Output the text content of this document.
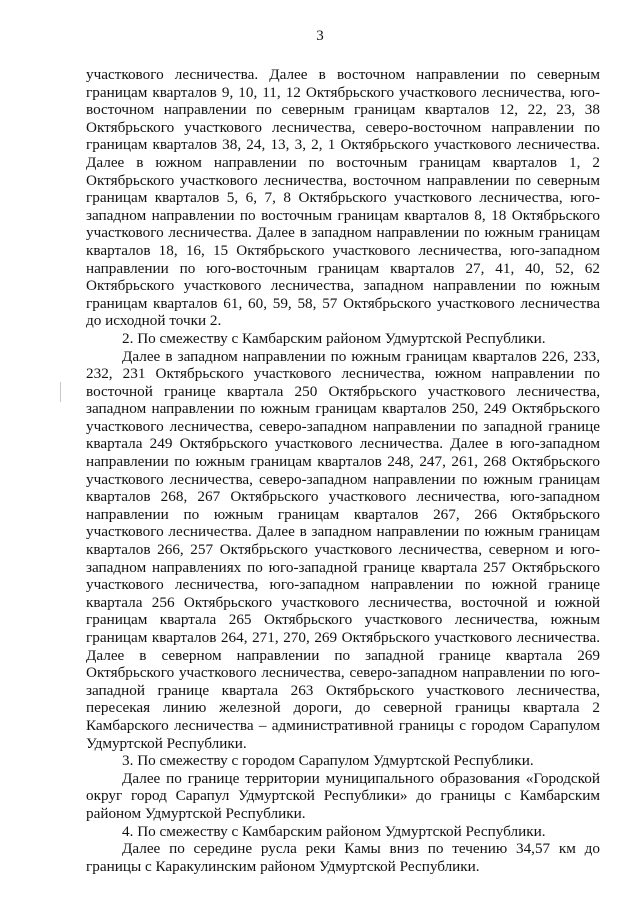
3

участкового лесничества. Далее в восточном направлении по северным границам кварталов 9, 10, 11, 12 Октябрьского участкового лесничества, юго-восточном направлении по северным границам кварталов 12, 22, 23, 38 Октябрьского участкового лесничества, северо-восточном направлении по границам кварталов 38, 24, 13, 3, 2, 1 Октябрьского участкового лесничества. Далее в южном направлении по восточным границам кварталов 1, 2 Октябрьского участкового лесничества, восточном направлении по северным границам кварталов 5, 6, 7, 8 Октябрьского участкового лесничества, юго-западном направлении по восточным границам кварталов 8, 18 Октябрьского участкового лесничества. Далее в западном направлении по южным границам кварталов 18, 16, 15 Октябрьского участкового лесничества, юго-западном направлении по юго-восточным границам кварталов 27, 41, 40, 52, 62 Октябрьского участкового лесничества, западном направлении по южным границам кварталов 61, 60, 59, 58, 57 Октябрьского участкового лесничества до исходной точки 2.

2. По смежеству с Камбарским районом Удмуртской Республики.

Далее в западном направлении по южным границам кварталов 226, 233, 232, 231 Октябрьского участкового лесничества, южном направлении по восточной границе квартала 250 Октябрьского участкового лесничества, западном направлении по южным границам кварталов 250, 249 Октябрьского участкового лесничества, северо-западном направлении по западной границе квартала 249 Октябрьского участкового лесничества. Далее в юго-западном направлении по южным границам кварталов 248, 247, 261, 268 Октябрьского участкового лесничества, северо-западном направлении по южным границам кварталов 268, 267 Октябрьского участкового лесничества, юго-западном направлении по южным границам кварталов 267, 266 Октябрьского участкового лесничества. Далее в западном направлении по южным границам кварталов 266, 257 Октябрьского участкового лесничества, северном и юго-западном направлениях по юго-западной границе квартала 257 Октябрьского участкового лесничества, юго-западном направлении по южной границе квартала 256 Октябрьского участкового лесничества, восточной и южной границам квартала 265 Октябрьского участкового лесничества, южным границам кварталов 264, 271, 270, 269 Октябрьского участкового лесничества. Далее в северном направлении по западной границе квартала 269 Октябрьского участкового лесничества, северо-западном направлении по юго-западной границе квартала 263 Октябрьского участкового лесничества, пересекая линию железной дороги, до северной границы квартала 2 Камбарского лесничества – административной границы с городом Сарапулом Удмуртской Республики.

3. По смежеству с городом Сарапулом Удмуртской Республики.

Далее по границе территории муниципального образования «Городской округ город Сарапул Удмуртской Республики» до границы с Камбарским районом Удмуртской Республики.

4. По смежеству с Камбарским районом Удмуртской Республики.

Далее по середине русла реки Камы вниз по течению 34,57 км до границы с Каракулинским районом Удмуртской Республики.
